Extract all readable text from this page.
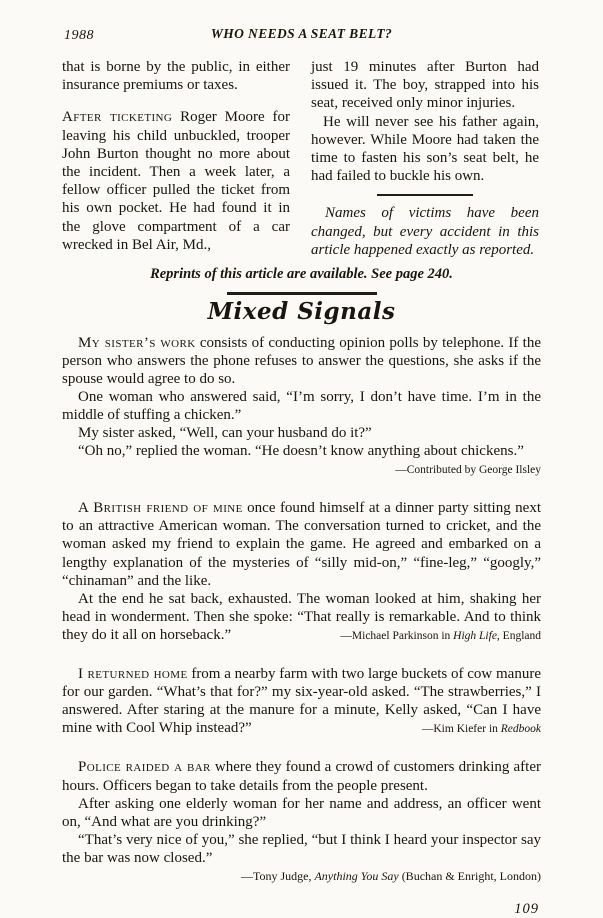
1988	WHO NEEDS A SEAT BELT?

that is borne by the public, in either insurance premiums or taxes.

After ticketing Roger Moore for leaving his child unbuckled, trooper John Burton thought no more about the incident. Then a week later, a fellow officer pulled the ticket from his own pocket. He had found it in the glove compartment of a car wrecked in Bel Air, Md.,

just 19 minutes after Burton had issued it. The boy, strapped into his seat, received only minor injuries.

He will never see his father again, however. While Moore had taken the time to fasten his son’s seat belt, he had failed to buckle his own.

Names of victims have been changed, but every accident in this article happened exactly as reported.

Reprints of this article are available. See page 240.

Mixed Signals

My sister’s work consists of conducting opinion polls by telephone. If the person who answers the phone refuses to answer the questions, she asks if the spouse would agree to do so.

One woman who answered said, “I’m sorry, I don’t have time. I’m in the middle of stuffing a chicken.”

My sister asked, “Well, can your husband do it?”

“Oh no,” replied the woman. “He doesn’t know anything about chickens.”
—Contributed by George Ilsley

A British friend of mine once found himself at a dinner party sitting next to an attractive American woman. The conversation turned to cricket, and the woman asked my friend to explain the game. He agreed and embarked on a lengthy explanation of the mysteries of “silly mid-on,” “fine-leg,” “googly,” “chinaman” and the like.

At the end he sat back, exhausted. The woman looked at him, shaking her head in wonderment. Then she spoke: “That really is remarkable. And to think they do it all on horseback.”	—Michael Parkinson in High Life, England

I returned home from a nearby farm with two large buckets of cow manure for our garden. “What’s that for?” my six-year-old asked. “The strawberries,” I answered. After staring at the manure for a minute, Kelly asked, “Can I have mine with Cool Whip instead?”	—Kim Kiefer in Redbook

Police raided a bar where they found a crowd of customers drinking after hours. Officers began to take details from the people present.

After asking one elderly woman for her name and address, an officer went on, “And what are you drinking?”

“That’s very nice of you,” she replied, “but I think I heard your inspector say the bar was now closed.”

—Tony Judge, Anything You Say (Buchan & Enright, London)

109
